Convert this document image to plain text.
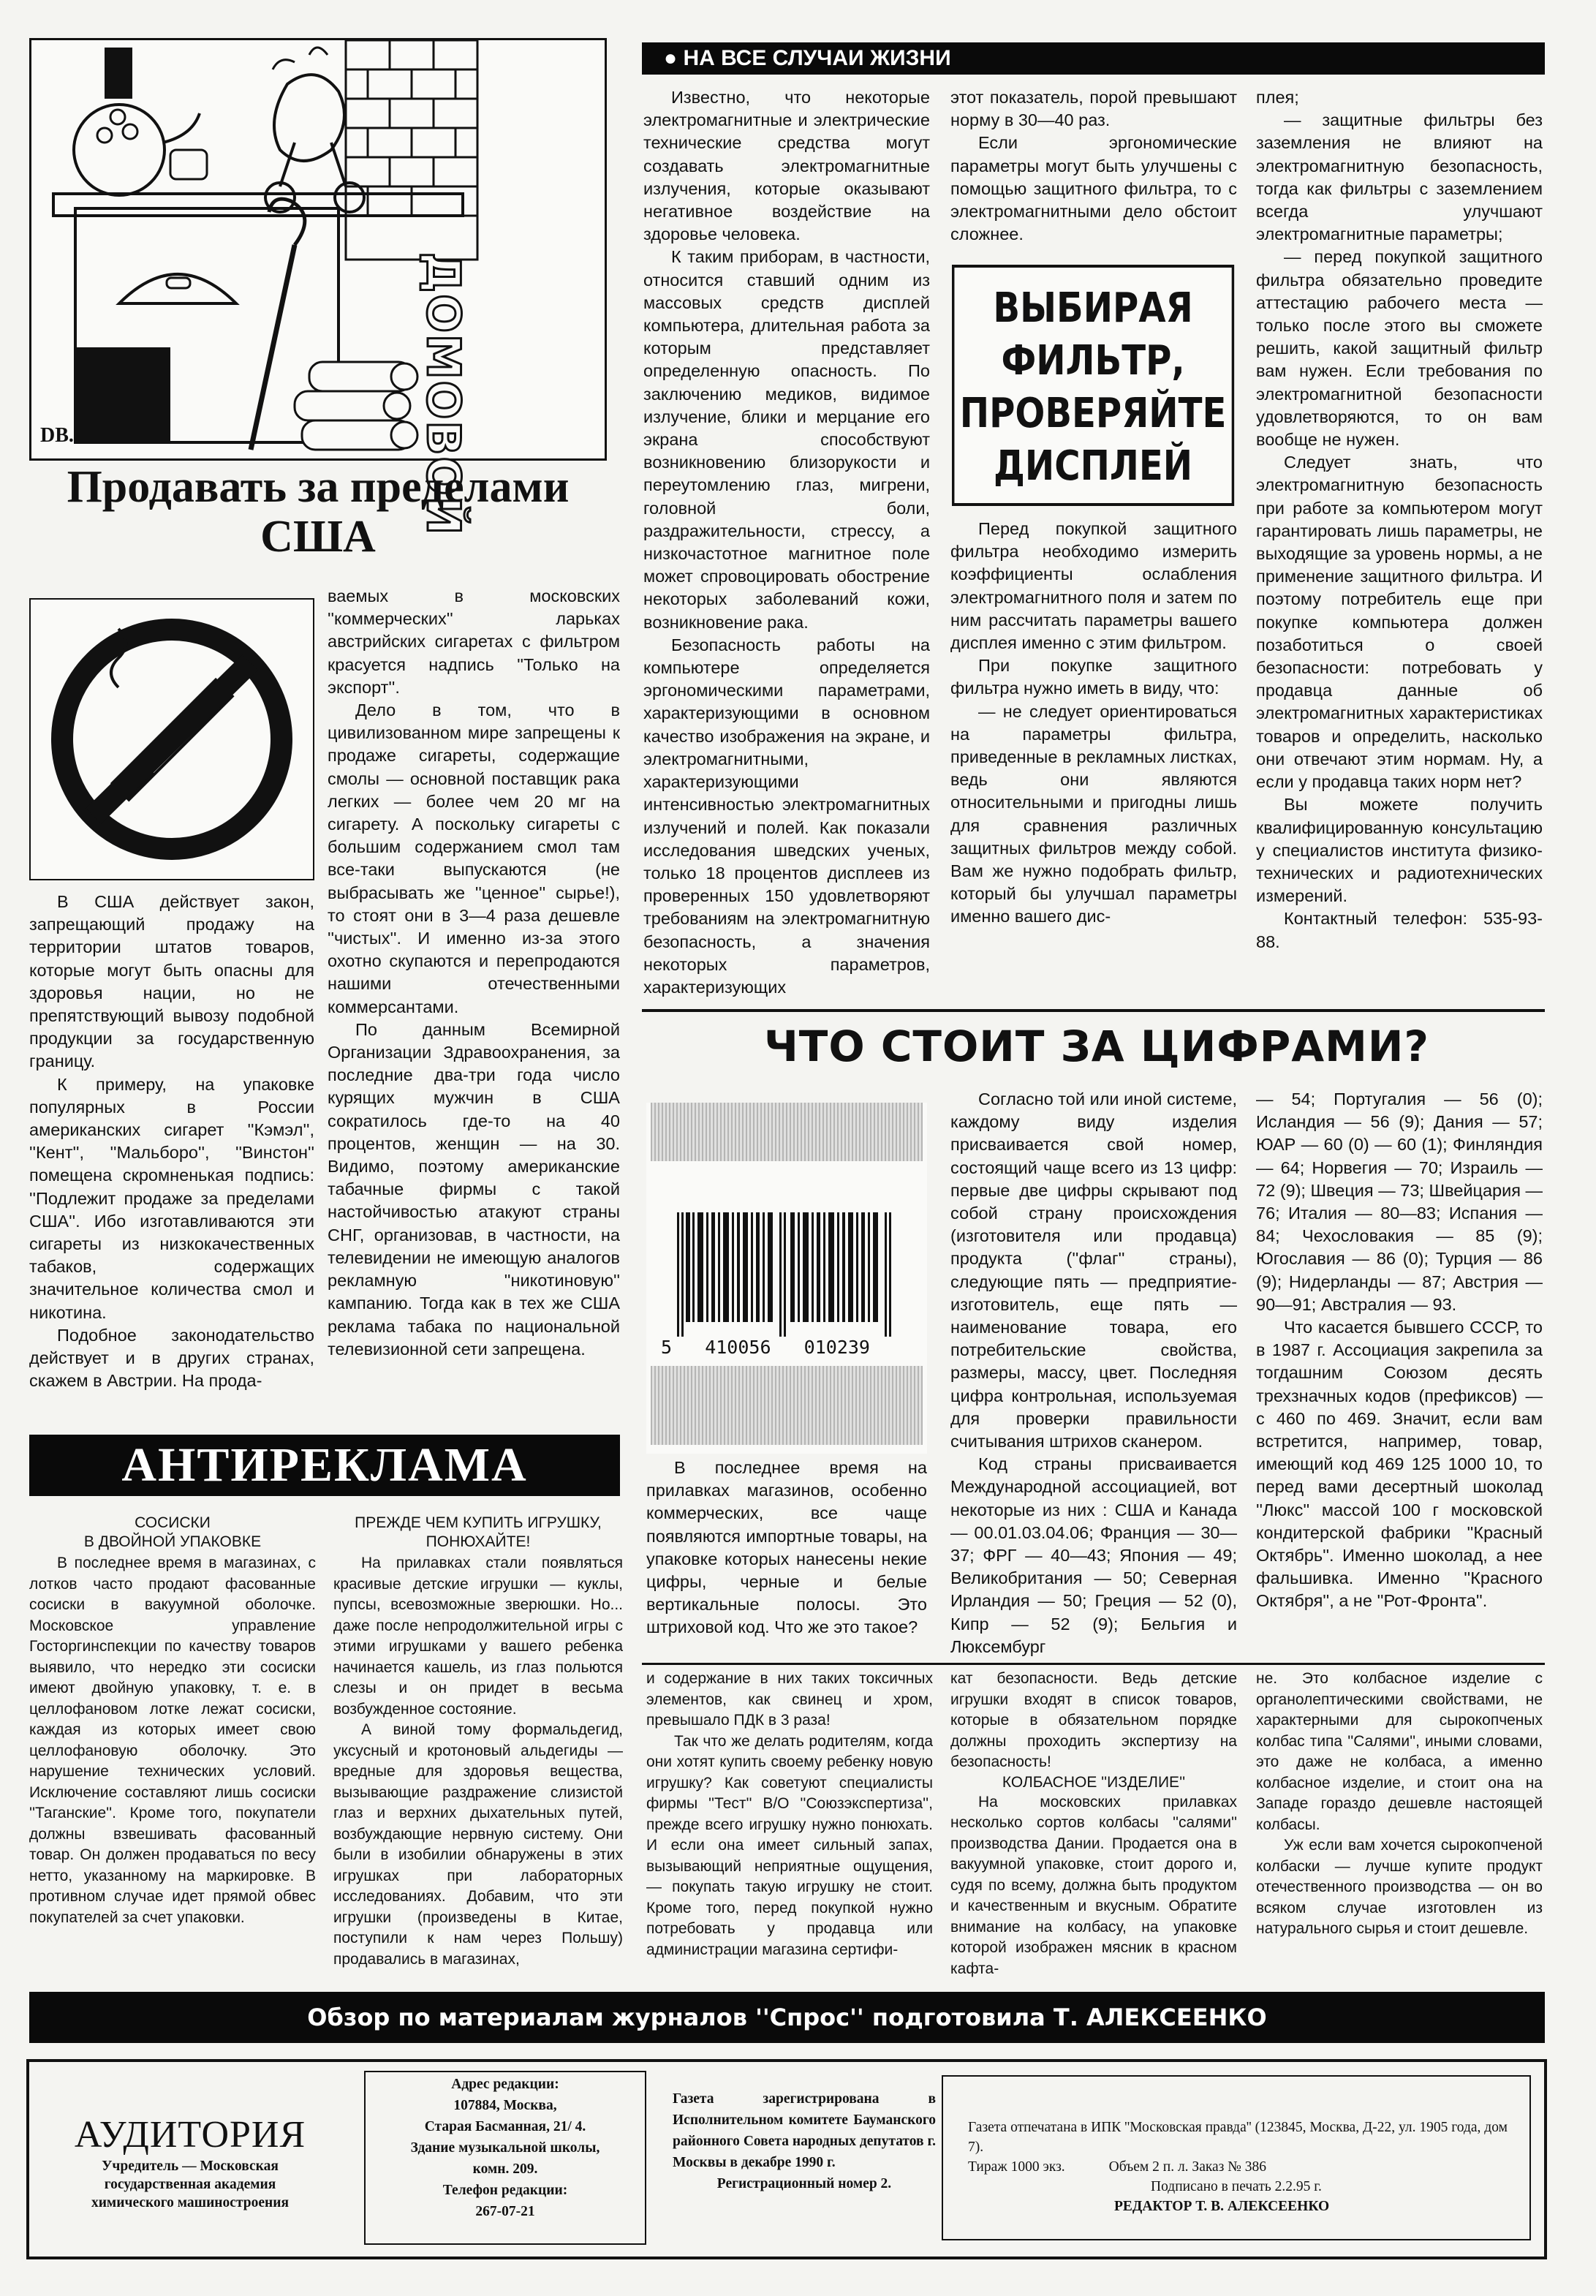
ДОМОВОЙ
DB.
Продавать за пределами США

В США действует закон, запрещающий продажу на территории штатов товаров, которые могут быть опасны для здоровья нации, но не препятствующий вывозу подобной продукции за государственную границу.

К примеру, на упаковке популярных в России американских сигарет ''Кэмэл'', ''Кент'', ''Мальборо'', ''Винстон'' помещена скромненькая подпись: ''Подлежит продаже за пределами США''. Ибо изготавливаются эти сигареты из низкокачественных табаков, содержащих значительное количества смол и никотина.

Подобное законодательство действует и в других странах, скажем в Австрии. На прода-

ваемых в московских ''коммерческих'' ларьках австрийских сигаретах с фильтром красуется надпись ''Только на экспорт''.

Дело в том, что в цивилизованном мире запрещены к продаже сигареты, содержащие смолы — основной поставщик рака легких — более чем 20 мг на сигарету. А поскольку сигареты с большим содержанием смол там все-таки выпускаются (не выбрасывать же ''ценное'' сырье!), то стоят они в 3—4 раза дешевле ''чистых''. И именно из-за этого охотно скупаются и перепродаются нашими отечественными коммерсантами.

По данным Всемирной Организации Здравоохранения, за последние два-три года число курящих мужчин в США сократилось где-то на 40 процентов, женщин — на 30. Видимо, поэтому американские табачные фирмы с такой настойчивостью атакуют страны СНГ, организовав, в частности, на телевидении не имеющую аналогов рекламную ''никотиновую'' кампанию. Тогда как в тех же США реклама табака по национальной телевизионной сети запрещена.

● НА ВСЕ СЛУЧАИ ЖИЗНИ

Известно, что некоторые электромагнитные и электрические технические средства могут создавать электромагнитные излучения, которые оказывают негативное воздействие на здоровье человека.

К таким приборам, в частности, относится ставший одним из массовых средств дисплей компьютера, длительная работа за которым представляет определенную опасность. По заключению медиков, видимое излучение, блики и мерцание его экрана способствуют возникновению близорукости и переутомлению глаз, мигрени, головной боли, раздражительности, стрессу, а низкочастотное магнитное поле может спровоцировать обострение некоторых заболеваний кожи, возникновение рака.

Безопасность работы на компьютере определяется эргономическими параметрами, характеризующими в основном качество изображения на экране, и электромагнитными, характеризующими интенсивностью электромагнитных излучений и полей. Как показали исследования шведских ученых, только 18 процентов дисплеев из проверенных 150 удовлетворяют требованиям на электромагнитную безопасность, а значения некоторых параметров, характеризующих

этот показатель, порой превышают норму в 30—40 раз.

Если эргономические параметры могут быть улучшены с помощью защитного фильтра, то с электромагнитными дело обстоит сложнее.

ВЫБИРАЯ
ФИЛЬТР,
ПРОВЕРЯЙТЕ
ДИСПЛЕЙ

Перед покупкой защитного фильтра необходимо измерить коэффициенты ослабления электромагнитного поля и затем по ним рассчитать параметры вашего дисплея именно с этим фильтром.

При покупке защитного фильтра нужно иметь в виду, что:

— не следует ориентироваться на параметры фильтра, приведенные в рекламных листках, ведь они являются относительными и пригодны лишь для сравнения различных защитных фильтров между собой. Вам же нужно подобрать фильтр, который бы улучшал параметры именно вашего дис-

плея;

— защитные фильтры без заземления не влияют на электромагнитную безопасность, тогда как фильтры с заземлением всегда улучшают электромагнитные параметры;

— перед покупкой защитного фильтра обязательно проведите аттестацию рабочего места — только после этого вы сможете решить, какой защитный фильтр вам нужен. Если требования по электромагнитной безопасности удовлетворяются, то он вам вообще не нужен.

Следует знать, что электромагнитную безопасность при работе за компьютером могут гарантировать лишь параметры, не выходящие за уровень нормы, а не применение защитного фильтра. И поэтому потребитель еще при покупке компьютера должен позаботиться о своей безопасности: потребовать у продавца данные об электромагнитных характеристиках товаров и определить, насколько они отвечают этим нормам. Ну, а если у продавца таких норм нет?

Вы можете получить квалифицированную консультацию у специалистов института физико-технических и радиотехнических измерений.

Контактный телефон: 535-93-88.

ЧТО СТОИТ ЗА ЦИФРАМИ?
5   410056   010239

В последнее время на прилавках магазинов, особенно коммерческих, все чаще появляются импортные товары, на упаковке которых нанесены некие цифры, черные и белые вертикальные полосы. Это штриховой код. Что же это такое?

Согласно той или иной системе, каждому виду изделия присваивается свой номер, состоящий чаще всего из 13 цифр: первые две цифры скрывают под собой страну происхождения (изготовителя или продавца) продукта (''флаг'' страны), следующие пять — предприятие-изготовитель, еще пять — наименование товара, его потребительские свойства, размеры, массу, цвет. Последняя цифра контрольная, используемая для проверки правильности считывания штрихов сканером.

Код страны присваивается Международной ассоциацией, вот некоторые из них : США и Канада — 00.01.03.04.06; Франция — 30—37; ФРГ — 40—43; Япония — 49; Великобритания — 50; Северная Ирландия — 50; Греция — 52 (0), Кипр — 52 (9); Бельгия и Люксембург

— 54; Португалия — 56 (0); Исландия — 56 (9); Дания — 57; ЮАР — 60 (0) — 60 (1); Финляндия — 64; Норвегия — 70; Израиль — 72 (9); Швеция — 73; Швейцария — 76; Италия — 80—83; Испания — 84; Чехословакия — 85 (9); Югославия — 86 (0); Турция — 86 (9); Нидерланды — 87; Австрия — 90—91; Австралия — 93.

Что касается бывшего СССР, то в 1987 г. Ассоциация закрепила за тогдашним Союзом десять трехзначных кодов (префиксов) — с 460 по 469. Значит, если вам встретится, например, товар, имеющий код 469 125 1000 10, то перед вами десертный шоколад ''Люкс'' массой 100 г московской кондитерской фабрики ''Красный Октябрь''. Именно шоколад, а нее фальшивка. Именно ''Красного Октября'', а не ''Рот-Фронта''.

АНТИРЕКЛАМА

СОСИСКИ

В ДВОЙНОЙ УПАКОВКЕ

В последнее время в магазинах, с лотков часто продают фасованные сосиски в вакуумной оболочке. Московское управление Госторгинспекции по качеству товаров выявило, что нередко эти сосиски имеют двойную упаковку, т. е. в целлофановом лотке лежат сосиски, каждая из которых имеет свою целлофановую оболочку. Это нарушение технических условий. Исключение составляют лишь сосиски ''Таганские''. Кроме того, покупатели должны взвешивать фасованный товар. Он должен продаваться по весу нетто, указанному на маркировке. В противном случае идет прямой обвес покупателей за счет упаковки.

ПРЕЖДЕ ЧЕМ КУПИТЬ ИГРУШКУ,

ПОНЮХАЙТЕ!

На прилавках стали появляться красивые детские игрушки — куклы, пупсы, всевозможные зверюшки. Но... даже после непродолжительной игры с этими игрушками у вашего ребенка начинается кашель, из глаз польются слезы и он придет в весьма возбужденное состояние.

А виной тому формальдегид, уксусный и кротоновый альдегиды — вредные для здоровья вещества, вызывающие раздражение слизистой глаз и верхних дыхательных путей, возбуждающие нервную систему. Они были в изобилии обнаружены в этих игрушках при лабораторных исследованиях. Добавим, что эти игрушки (произведены в Китае, поступили к нам через Польшу) продавались в магазинах,

и содержание в них таких токсичных элементов, как свинец и хром, превышало ПДК в 3 раза!

Так что же делать родителям, когда они хотят купить своему ребенку новую игрушку? Как советуют специалисты фирмы ''Тест'' В/О ''Союзэкспертиза'', прежде всего игрушку нужно понюхать. И если она имеет сильный запах, вызывающий неприятные ощущения, — покупать такую игрушку не стоит. Кроме того, перед покупкой нужно потребовать у продавца или администрации магазина сертифи-

кат безопасности. Ведь детские игрушки входят в список товаров, которые в обязательном порядке должны проходить экспертизу на безопасность!

КОЛБАСНОЕ ''ИЗДЕЛИЕ''

На московских прилавках несколько сортов колбасы ''салями'' производства Дании. Продается она в вакуумной упаковке, стоит дорого и, судя по всему, должна быть продуктом и качественным и вкусным. Обратите внимание на колбасу, на упаковке которой изображен мясник в красном кафта-

не. Это колбасное изделие с органолептическими свойствами, не характерными для сырокопченых колбас типа ''Салями'', иными словами, это даже не колбаса, а именно колбасное изделие, и стоит она на Западе гораздо дешевле настоящей колбасы.

Уж если вам хочется сырокопченой колбаски — лучше купите продукт отечественного производства — он во всяком случае изготовлен из натурального сырья и стоит дешевле.

Обзор по материалам журналов ''Спрос'' подготовила Т. АЛЕКСЕЕНКО
АУДИТОРИЯ
Учредитель — Московская
государственная академия
химического машиностроения
Адрес редакции:
107884, Москва,
Старая Басманная, 21/ 4.
Здание музыкальной школы,
комн. 209.
Телефон редакции:
267-07-21
Газета зарегистрирована в Исполнительном комитете Бауманского районного Совета народных депутатов г. Москвы в декабре 1990 г.
Регистрационный номер 2.
Газета отпечатана в ИПК ''Московская правда'' (123845, Москва, Д-22, ул. 1905 года, дом 7).
Тираж 1000 экз.	Объем 2 п. л. Заказ № 386
Подписано в печать 2.2.95 г.
РЕДАКТОР Т. В. АЛЕКСЕЕНКО
